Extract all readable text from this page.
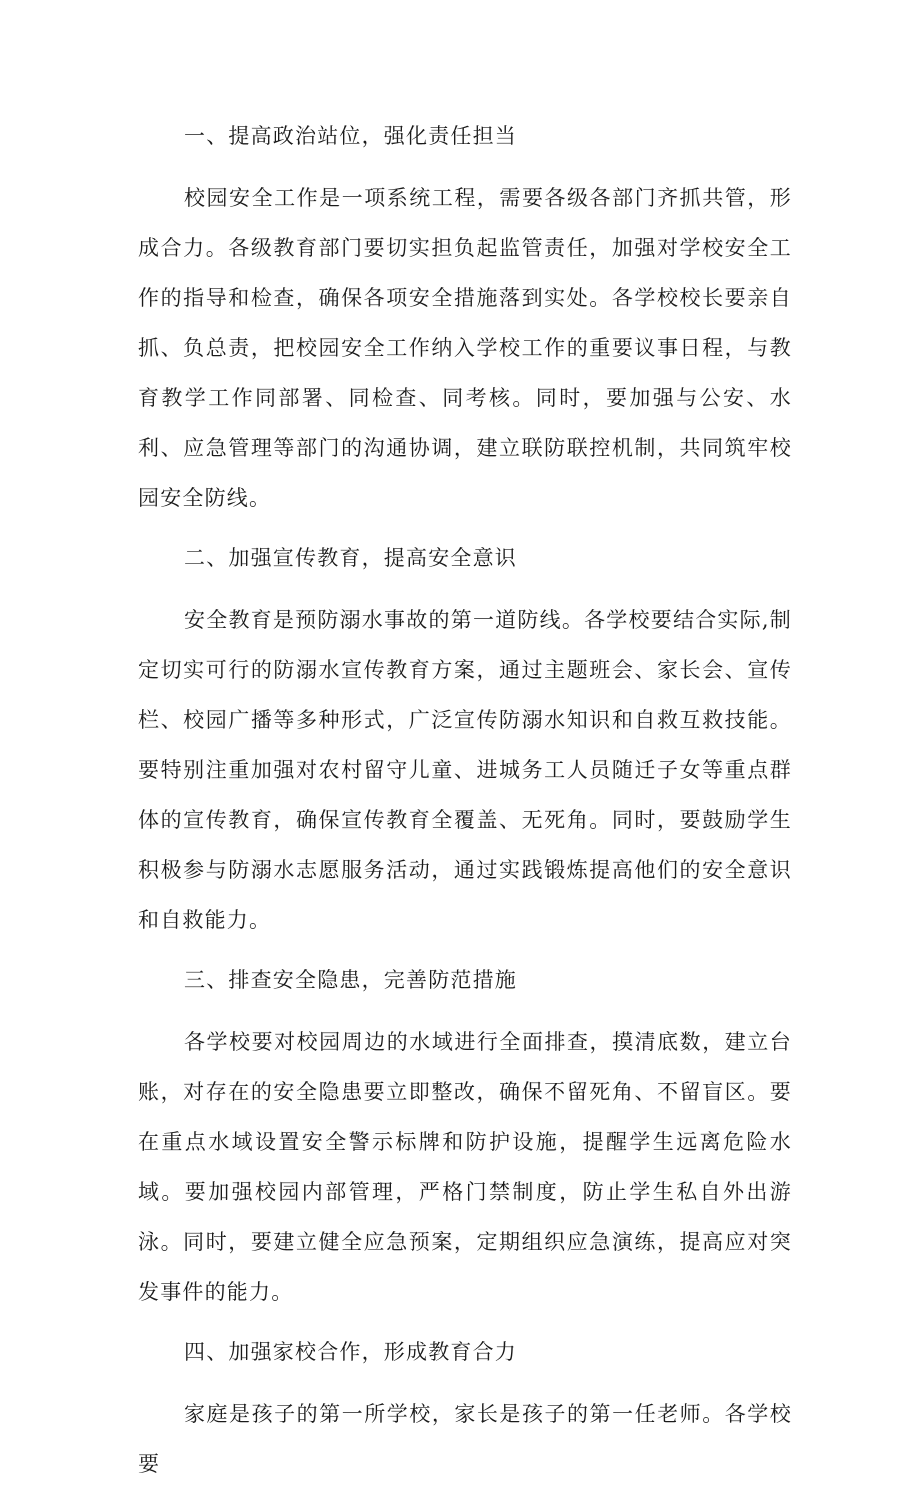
一、提高政治站位，强化责任担当

校园安全工作是一项系统工程，需要各级各部门齐抓共管，形成合力。各级教育部门要切实担负起监管责任，加强对学校安全工作的指导和检查，确保各项安全措施落到实处。各学校校长要亲自抓、负总责，把校园安全工作纳入学校工作的重要议事日程，与教育教学工作同部署、同检查、同考核。同时，要加强与公安、水利、应急管理等部门的沟通协调，建立联防联控机制，共同筑牢校园安全防线。

二、加强宣传教育，提高安全意识

安全教育是预防溺水事故的第一道防线。各学校要结合实际,制定切实可行的防溺水宣传教育方案，通过主题班会、家长会、宣传栏、校园广播等多种形式，广泛宣传防溺水知识和自救互救技能。要特别注重加强对农村留守儿童、进城务工人员随迁子女等重点群体的宣传教育，确保宣传教育全覆盖、无死角。同时，要鼓励学生积极参与防溺水志愿服务活动，通过实践锻炼提高他们的安全意识和自救能力。

三、排查安全隐患，完善防范措施

各学校要对校园周边的水域进行全面排查，摸清底数，建立台账，对存在的安全隐患要立即整改，确保不留死角、不留盲区。要在重点水域设置安全警示标牌和防护设施，提醒学生远离危险水域。要加强校园内部管理，严格门禁制度，防止学生私自外出游泳。同时，要建立健全应急预案，定期组织应急演练，提高应对突发事件的能力。

四、加强家校合作，形成教育合力

家庭是孩子的第一所学校，家长是孩子的第一任老师。各学校要
